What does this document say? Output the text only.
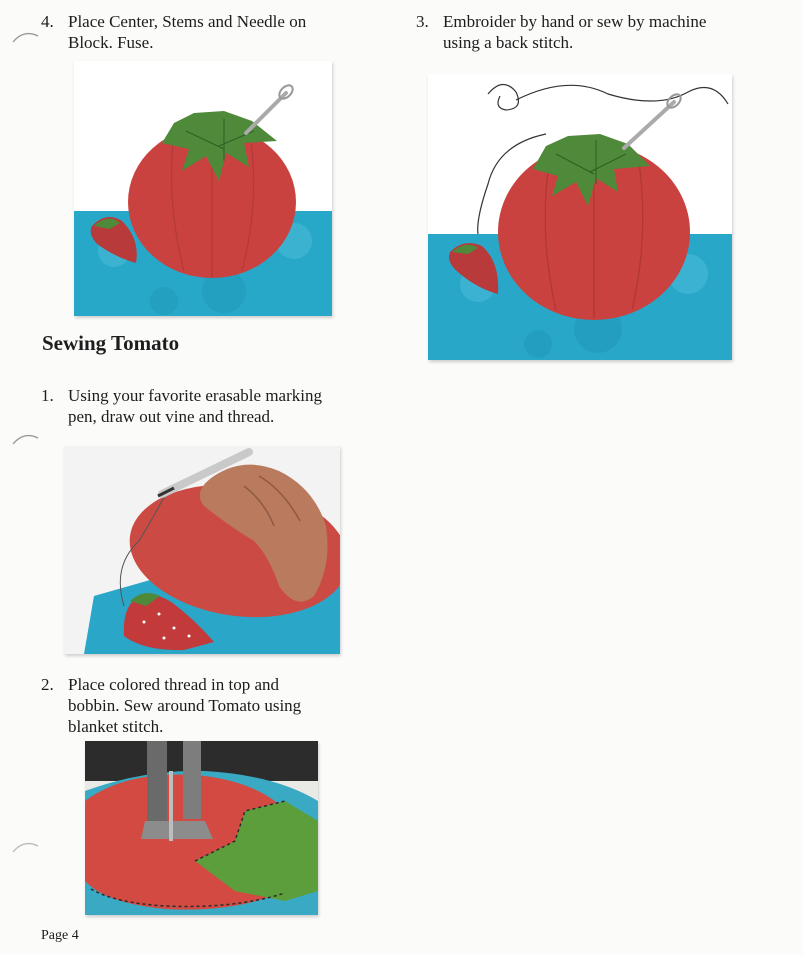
4. Place Center, Stems and Needle on
Block. Fuse.
Sewing Tomato
1. Using your favorite erasable marking
pen, draw out vine and thread.
2. Place colored thread in top and
bobbin. Sew around Tomato using
blanket stitch.
3. Embroider by hand or sew by machine
using a back stitch.
Page 4
